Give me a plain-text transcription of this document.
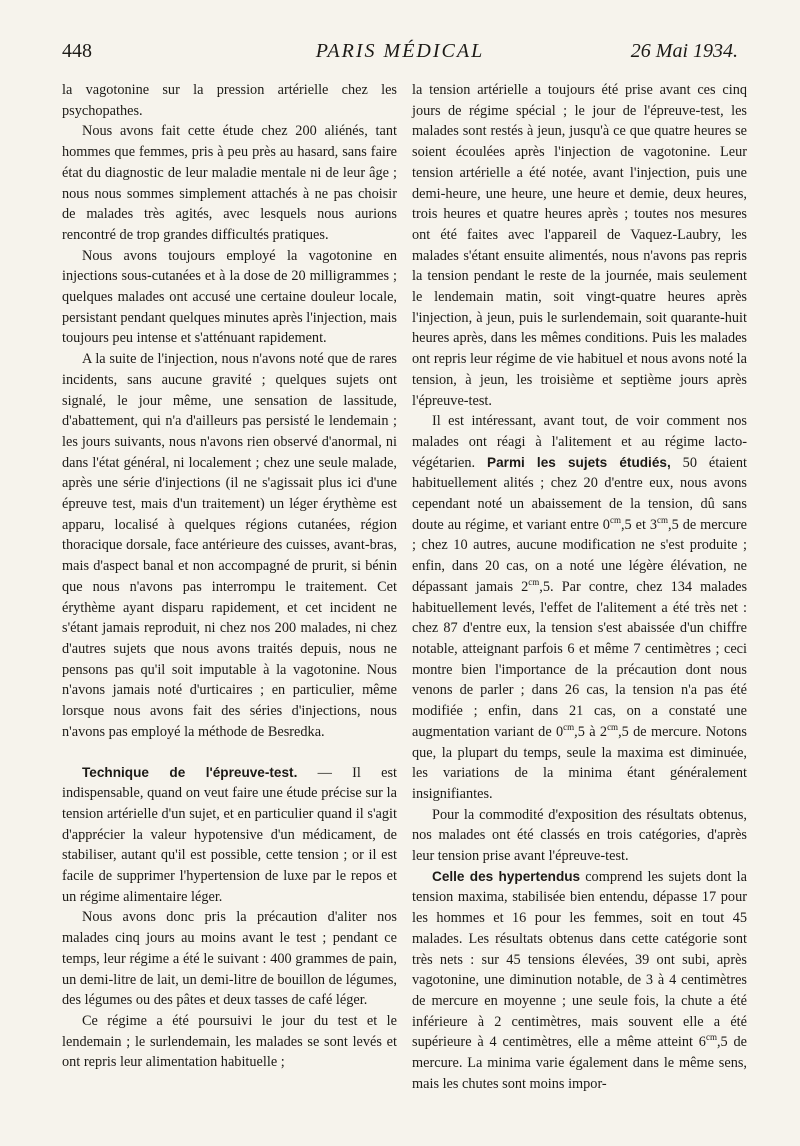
PARIS MÉDICAL
448	26 Mai 1934.

la vagotonine sur la pression artérielle chez les psychopathes.

Nous avons fait cette étude chez 200 aliénés, tant hommes que femmes, pris à peu près au hasard, sans faire état du diagnostic de leur maladie mentale ni de leur âge ; nous nous sommes simplement attachés à ne pas choisir de malades très agités, avec lesquels nous aurions rencontré de trop grandes difficultés pratiques.

Nous avons toujours employé la vagotonine en injections sous-cutanées et à la dose de 20 milligrammes ; quelques malades ont accusé une certaine douleur locale, persistant pendant quelques minutes après l'injection, mais toujours peu intense et s'atténuant rapidement.

A la suite de l'injection, nous n'avons noté que de rares incidents, sans aucune gravité ; quelques sujets ont signalé, le jour même, une sensation de lassitude, d'abattement, qui n'a d'ailleurs pas persisté le lendemain ; les jours suivants, nous n'avons rien observé d'anormal, ni dans l'état général, ni localement ; chez une seule malade, après une série d'injections (il ne s'agissait plus ici d'une épreuve test, mais d'un traitement) un léger érythème est apparu, localisé à quelques régions cutanées, région thoracique dorsale, face antérieure des cuisses, avant-bras, mais d'aspect banal et non accompagné de prurit, si bénin que nous n'avons pas interrompu le traitement. Cet érythème ayant disparu rapidement, et cet incident ne s'étant jamais reproduit, ni chez nos 200 malades, ni chez d'autres sujets que nous avons traités depuis, nous ne pensons pas qu'il soit imputable à la vagotonine. Nous n'avons jamais noté d'urticaires ; en particulier, même lorsque nous avons fait des séries d'injections, nous n'avons pas employé la méthode de Besredka.

Technique de l'épreuve-test. — Il est indispensable, quand on veut faire une étude précise sur la tension artérielle d'un sujet, et en particulier quand il s'agit d'apprécier la valeur hypotensive d'un médicament, de stabiliser, autant qu'il est possible, cette tension ; or il est facile de supprimer l'hypertension de luxe par le repos et un régime alimentaire léger.

Nous avons donc pris la précaution d'aliter nos malades cinq jours au moins avant le test ; pendant ce temps, leur régime a été le suivant : 400 grammes de pain, un demi-litre de lait, un demi-litre de bouillon de légumes, des légumes ou des pâtes et deux tasses de café léger.

Ce régime a été poursuivi le jour du test et le lendemain ; le surlendemain, les malades se sont levés et ont repris leur alimentation habituelle ;

la tension artérielle a toujours été prise avant ces cinq jours de régime spécial ; le jour de l'épreuve-test, les malades sont restés à jeun, jusqu'à ce que quatre heures se soient écoulées après l'injection de vagotonine. Leur tension artérielle a été notée, avant l'injection, puis une demi-heure, une heure, une heure et demie, deux heures, trois heures et quatre heures après ; toutes nos mesures ont été faites avec l'appareil de Vaquez-Laubry, les malades s'étant ensuite alimentés, nous n'avons pas repris la tension pendant le reste de la journée, mais seulement le lendemain matin, soit vingt-quatre heures après l'injection, à jeun, puis le surlendemain, soit quarante-huit heures après, dans les mêmes conditions. Puis les malades ont repris leur régime de vie habituel et nous avons noté la tension, à jeun, les troisième et septième jours après l'épreuve-test.

Il est intéressant, avant tout, de voir comment nos malades ont réagi à l'alitement et au régime lacto-végétarien. Parmi les sujets étudiés, 50 étaient habituellement alités ; chez 20 d'entre eux, nous avons cependant noté un abaissement de la tension, dû sans doute au régime, et variant entre $0^{cm},5$ et $3^{cm},5$ de mercure ; chez 10 autres, aucune modification ne s'est produite ; enfin, dans 20 cas, on a noté une légère élévation, ne dépassant jamais $2^{cm},5$. Par contre, chez 134 malades habituellement levés, l'effet de l'alitement a été très net : chez 87 d'entre eux, la tension s'est abaissée d'un chiffre notable, atteignant parfois 6 et même 7 centimètres ; ceci montre bien l'importance de la précaution dont nous venons de parler ; dans 26 cas, la tension n'a pas été modifiée ; enfin, dans 21 cas, on a constaté une augmentation variant de $0^{cm},5$ à $2^{cm},5$ de mercure. Notons que, la plupart du temps, seule la maxima est diminuée, les variations de la minima étant généralement insignifiantes.

Pour la commodité d'exposition des résultats obtenus, nos malades ont été classés en trois catégories, d'après leur tension prise avant l'épreuve-test.

Celle des hypertendus comprend les sujets dont la tension maxima, stabilisée bien entendu, dépasse 17 pour les hommes et 16 pour les femmes, soit en tout 45 malades. Les résultats obtenus dans cette catégorie sont très nets : sur 45 tensions élevées, 39 ont subi, après vagotonine, une diminution notable, de 3 à 4 centimètres de mercure en moyenne ; une seule fois, la chute a été inférieure à 2 centimètres, mais souvent elle a été supérieure à 4 centimètres, elle a même atteint $6^{cm},5$ de mercure. La minima varie également dans le même sens, mais les chutes sont moins impor-
